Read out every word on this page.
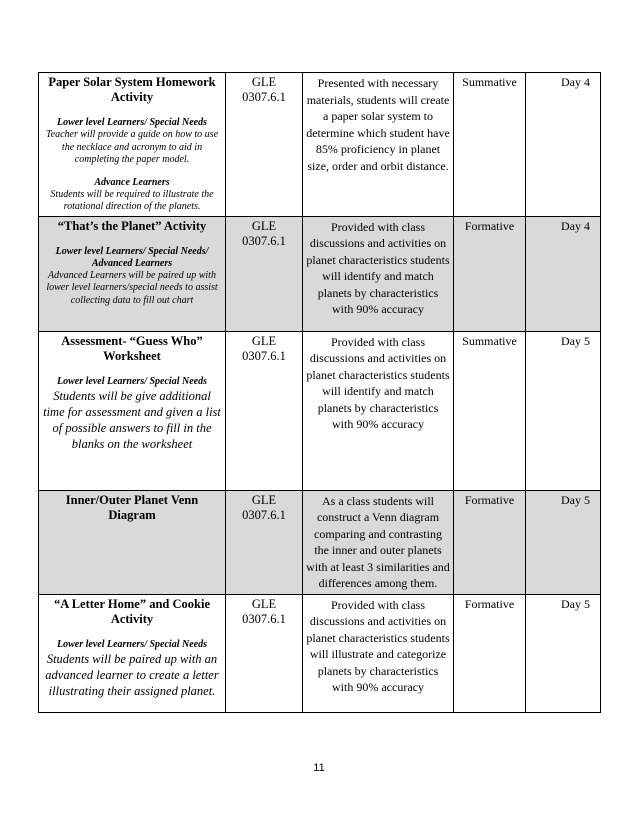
Paper Solar System Homework Activity
Lower level Learners/ Special Needs
Teacher will provide a guide on how to use the necklace and acronym to aid in completing the paper model.
Advance Learners
Students will be required to illustrate the rotational direction of the planets.	GLE 0307.6.1	Presented with necessary materials, students will create a paper solar system to determine which student have 85% proficiency in planet size, order and orbit distance.	Summative	Day 4

“That’s the Planet” Activity
Lower level Learners/ Special Needs/ Advanced Learners
Advanced Learners will be paired up with lower level learners/special needs to assist collecting data to fill out chart	GLE 0307.6.1	Provided with class discussions and activities on planet characteristics students will identify and match planets by characteristics with 90% accuracy	Formative	Day 4

Assessment- “Guess Who” Worksheet
Lower level Learners/ Special Needs
Students will be give additional time for assessment and given a list of possible answers to fill in the blanks on the worksheet	GLE 0307.6.1	Provided with class discussions and activities on planet characteristics students will identify and match planets by characteristics with 90% accuracy	Summative	Day 5

Inner/Outer Planet Venn Diagram	GLE 0307.6.1	As a class students will construct a Venn diagram comparing and contrasting the inner and outer planets with at least 3 similarities and differences among them.	Formative	Day 5

“A Letter Home” and Cookie Activity
Lower level Learners/ Special Needs
Students will be paired up with an advanced learner to create a letter illustrating their assigned planet.	GLE 0307.6.1	Provided with class discussions and activities on planet characteristics students will illustrate and categorize planets by characteristics with 90% accuracy	Formative	Day 5
11
